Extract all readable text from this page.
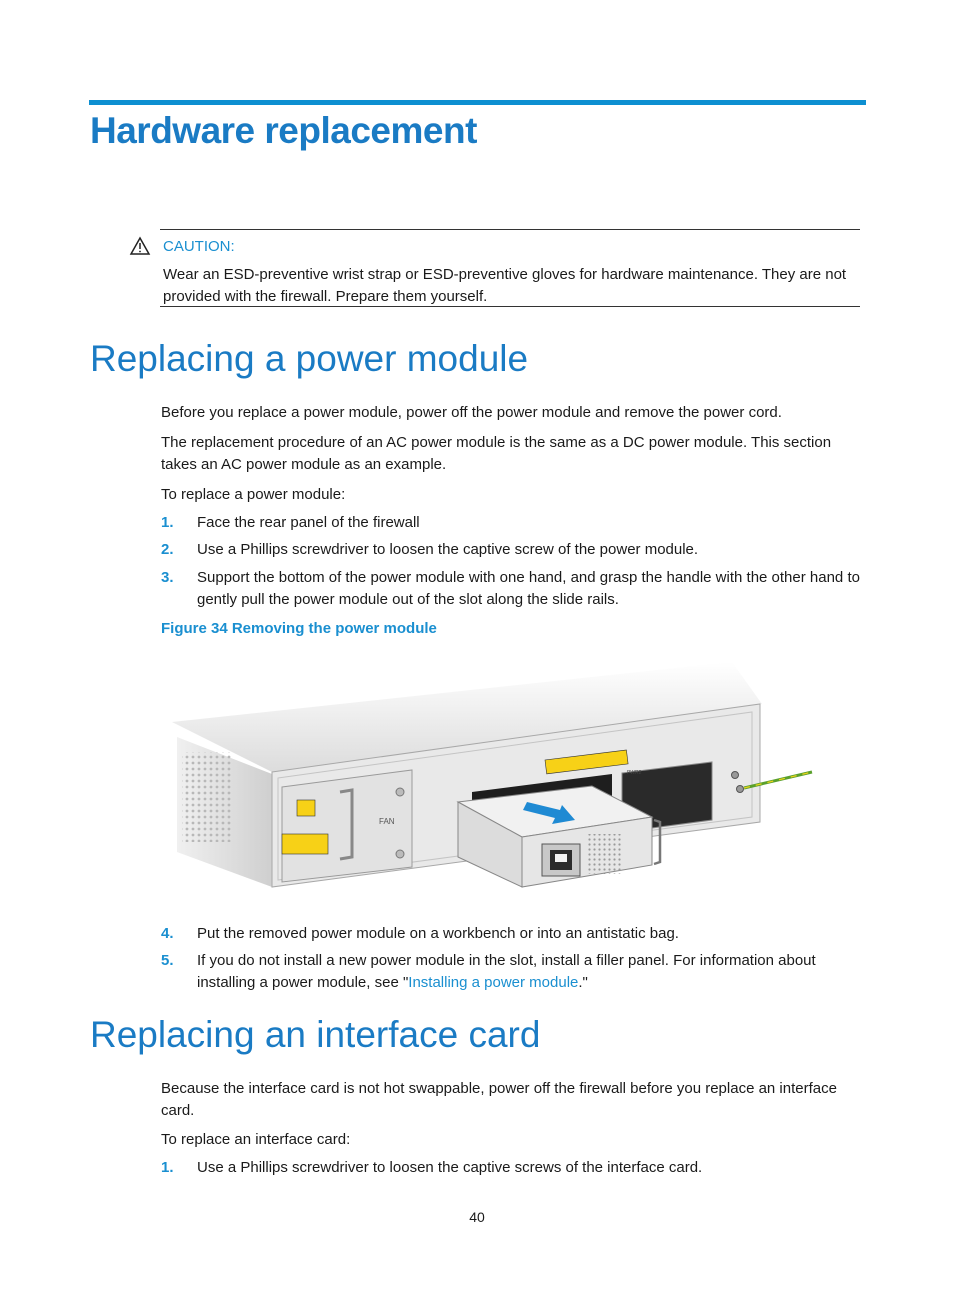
Hardware replacement
CAUTION:
Wear an ESD-preventive wrist strap or ESD-preventive gloves for hardware maintenance. They are not provided with the firewall. Prepare them yourself.
Replacing a power module

Before you replace a power module, power off the power module and remove the power cord.

The replacement procedure of an AC power module is the same as a DC power module. This section takes an AC power module as an example.

To replace a power module:

1. Face the rear panel of the firewall
2. Use a Phillips screwdriver to loosen the captive screw of the power module.
3. Support the bottom of the power module with one hand, and grasp the handle with the other hand to gently pull the power module out of the slot along the slide rails.
Figure 34 Removing the power module
FAN
PWR2
4. Put the removed power module on a workbench or into an antistatic bag.
5. If you do not install a new power module in the slot, install a filler panel. For information about installing a power module, see "Installing a power module."
Replacing an interface card

Because the interface card is not hot swappable, power off the firewall before you replace an interface card.

To replace an interface card:

1. Use a Phillips screwdriver to loosen the captive screws of the interface card.
40
